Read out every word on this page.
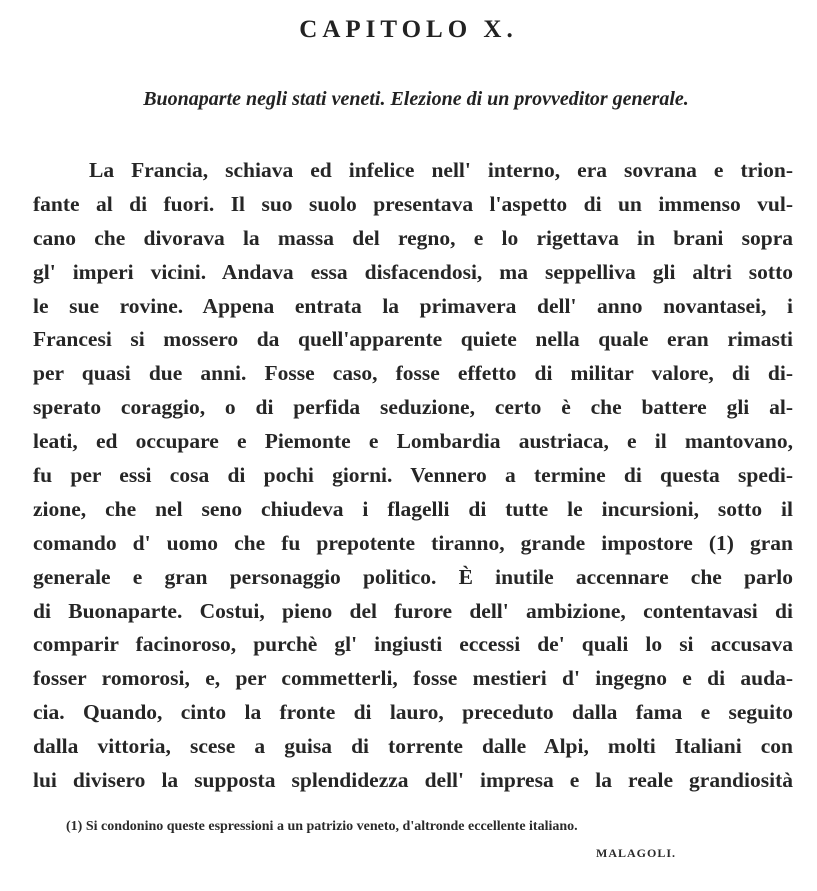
CAPITOLO X.
Buonaparte negli stati veneti. Elezione di un provveditor generale.
La Francia, schiava ed infelice nell' interno, era sovrana e trion-
fante al di fuori. Il suo suolo presentava l'aspetto di un immenso vul-
cano che divorava la massa del regno, e lo rigettava in brani sopra
gl' imperi vicini. Andava essa disfacendosi, ma seppelliva gli altri sotto
le sue rovine. Appena entrata la primavera dell' anno novantasei, i
Francesi si mossero da quell'apparente quiete nella quale eran rimasti
per quasi due anni. Fosse caso, fosse effetto di militar valore, di di-
sperato coraggio, o di perfida seduzione, certo è che battere gli al-
leati, ed occupare e Piemonte e Lombardia austriaca, e il mantovano,
fu per essi cosa di pochi giorni. Vennero a termine di questa spedi-
zione, che nel seno chiudeva i flagelli di tutte le incursioni, sotto il
comando d' uomo che fu prepotente tiranno, grande impostore (1) gran
generale e gran personaggio politico. È inutile accennare che parlo
di Buonaparte. Costui, pieno del furore dell' ambizione, contentavasi di
comparir facinoroso, purchè gl' ingiusti eccessi de' quali lo si accusava
fosser romorosi, e, per commetterli, fosse mestieri d' ingegno e di auda-
cia. Quando, cinto la fronte di lauro, preceduto dalla fama e seguito
dalla vittoria, scese a guisa di torrente dalle Alpi, molti Italiani con
lui divisero la supposta splendidezza dell' impresa e la reale grandiosità
(1) Si condonino queste espressioni a un patrizio veneto, d'altronde eccellente italiano.
MALAGOLI.
